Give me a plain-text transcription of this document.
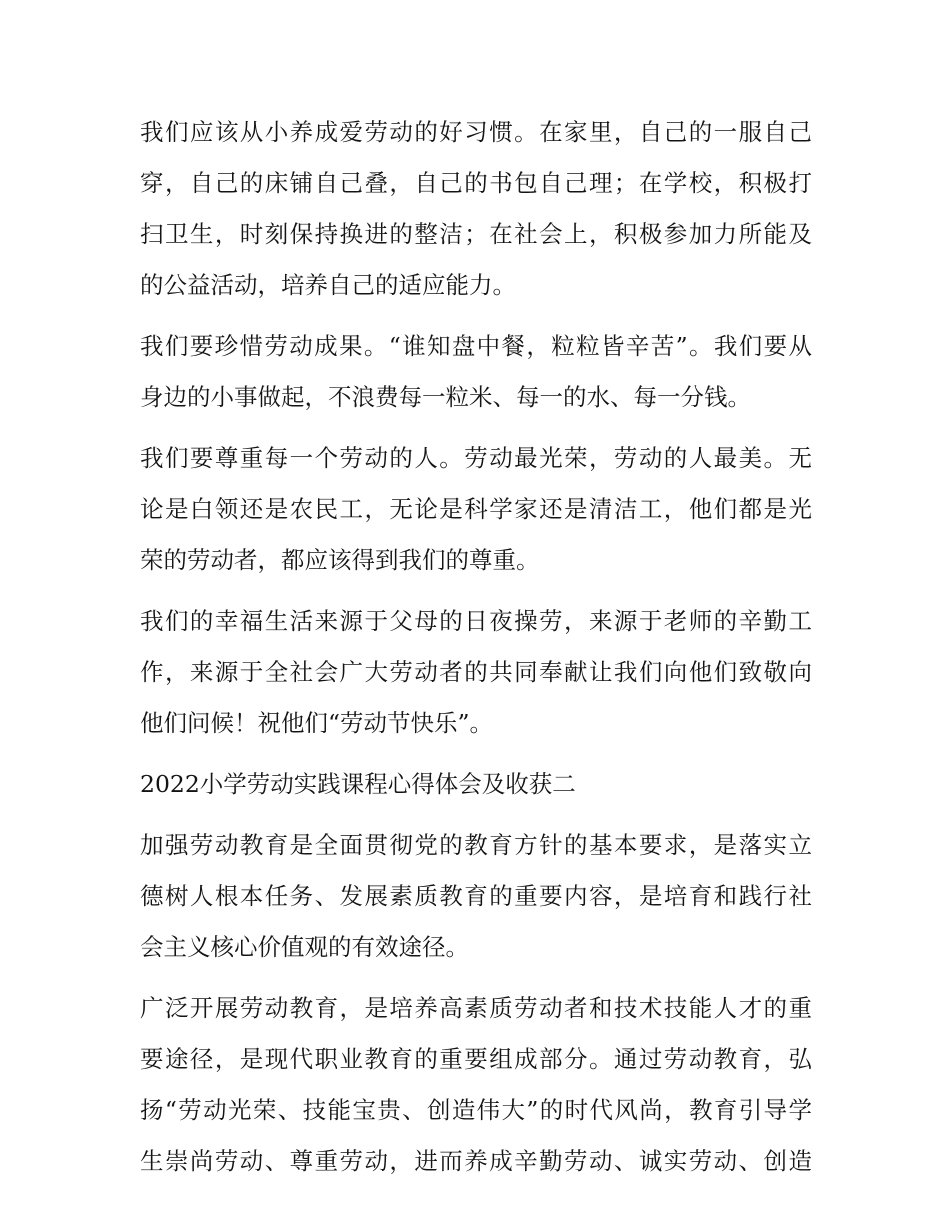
我们应该从小养成爱劳动的好习惯。在家里，自己的一服自己
穿，自己的床铺自己叠，自己的书包自己理；在学校，积极打
扫卫生，时刻保持换进的整洁；在社会上，积极参加力所能及
的公益活动，培养自己的适应能力。
我们要珍惜劳动成果。“谁知盘中餐，粒粒皆辛苦”。我们要从
身边的小事做起，不浪费每一粒米、每一的水、每一分钱。
我们要尊重每一个劳动的人。劳动最光荣，劳动的人最美。无
论是白领还是农民工，无论是科学家还是清洁工，他们都是光
荣的劳动者，都应该得到我们的尊重。
我们的幸福生活来源于父母的日夜操劳，来源于老师的辛勤工
作，来源于全社会广大劳动者的共同奉献让我们向他们致敬向
他们问候！祝他们“劳动节快乐”。
2022小学劳动实践课程心得体会及收获二
加强劳动教育是全面贯彻党的教育方针的基本要求，是落实立
德树人根本任务、发展素质教育的重要内容，是培育和践行社
会主义核心价值观的有效途径。
广泛开展劳动教育，是培养高素质劳动者和技术技能人才的重
要途径，是现代职业教育的重要组成部分。通过劳动教育，弘
扬“劳动光荣、技能宝贵、创造伟大”的时代风尚，教育引导学
生崇尚劳动、尊重劳动，进而养成辛勤劳动、诚实劳动、创造
